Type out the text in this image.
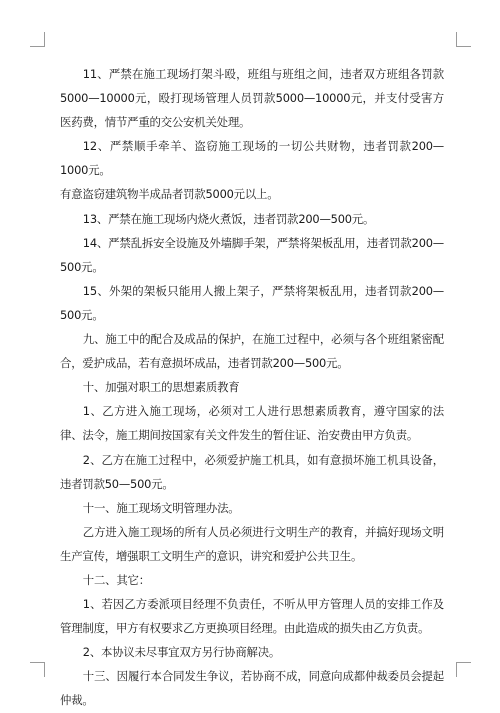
11、严禁在施工现场打架斗殴，班组与班组之间，违者双方班组各罚款5000—10000元，殴打现场管理人员罚款5000—10000元，并支付受害方医药费，情节严重的交公安机关处理。

12、严禁顺手牵羊、盗窃施工现场的一切公共财物，违者罚款200—1000元。

有意盗窃建筑物半成品者罚款5000元以上。

13、严禁在施工现场内烧火煮饭，违者罚款200—500元。

14、严禁乱拆安全设施及外墙脚手架，严禁将架板乱用，违者罚款200—500元。

15、外架的架板只能用人搬上架子，严禁将架板乱用，违者罚款200—500元。

九、施工中的配合及成品的保护，在施工过程中，必须与各个班组紧密配合，爱护成品，若有意损坏成品，违者罚款200—500元。

十、加强对职工的思想素质教育

1、乙方进入施工现场，必须对工人进行思想素质教育，遵守国家的法律、法令，施工期间按国家有关文件发生的暂住证、治安费由甲方负责。

2、乙方在施工过程中，必须爱护施工机具，如有意损坏施工机具设备，违者罚款50—500元。

十一、施工现场文明管理办法。

乙方进入施工现场的所有人员必须进行文明生产的教育，并搞好现场文明生产宣传，增强职工文明生产的意识，讲究和爱护公共卫生。

十二、其它：

1、若因乙方委派项目经理不负责任，不听从甲方管理人员的安排工作及管理制度，甲方有权要求乙方更换项目经理。由此造成的损失由乙方负责。

2、本协议未尽事宜双方另行协商解决。

十三、因履行本合同发生争议，若协商不成，同意向成都仲裁委员会提起仲裁。
